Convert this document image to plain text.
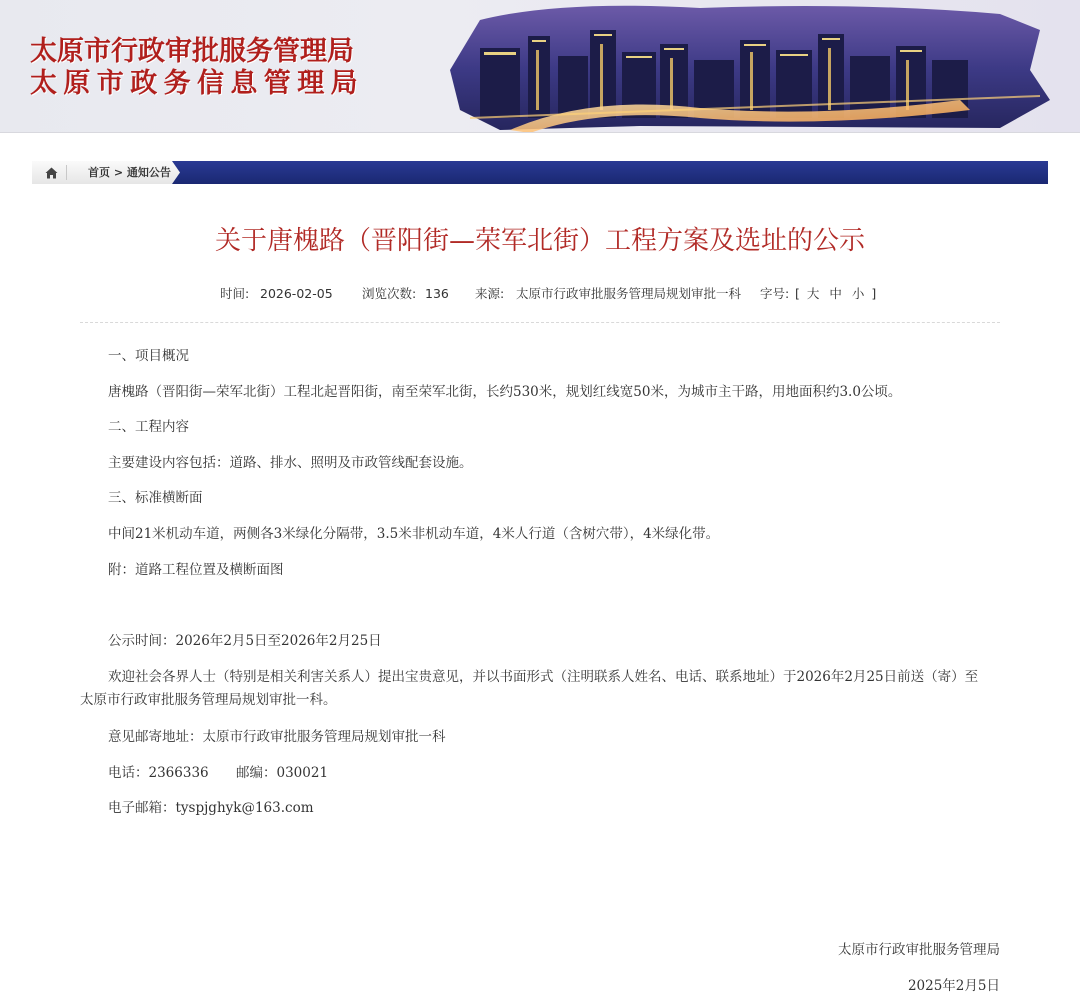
太原市行政审批服务管理局
太原市政务信息管理局
首页 > 通知公告
关于唐槐路（晋阳街—荣军北街）工程方案及选址的公示
时间: 2026-02-05 浏览次数: 136 来源: 太原市行政审批服务管理局规划审批一科 字号: [ 大 中 小 ]
一、项目概况
唐槐路（晋阳街—荣军北街）工程北起晋阳街，南至荣军北街，长约530米，规划红线宽50米，为城市主干路，用地面积约3.0公顷。
二、工程内容
主要建设内容包括：道路、排水、照明及市政管线配套设施。
三、标准横断面
中间21米机动车道，两侧各3米绿化分隔带，3.5米非机动车道，4米人行道（含树穴带），4米绿化带。
附：道路工程位置及横断面图
公示时间：2026年2月5日至2026年2月25日
欢迎社会各界人士（特别是相关利害关系人）提出宝贵意见，并以书面形式（注明联系人姓名、电话、联系地址）于2026年2月25日前送（寄）至
太原市行政审批服务管理局规划审批一科。
意见邮寄地址：太原市行政审批服务管理局规划审批一科
电话：2366336 邮编：030021
电子邮箱：tyspjghyk@163.com
太原市行政审批服务管理局
2025年2月5日
